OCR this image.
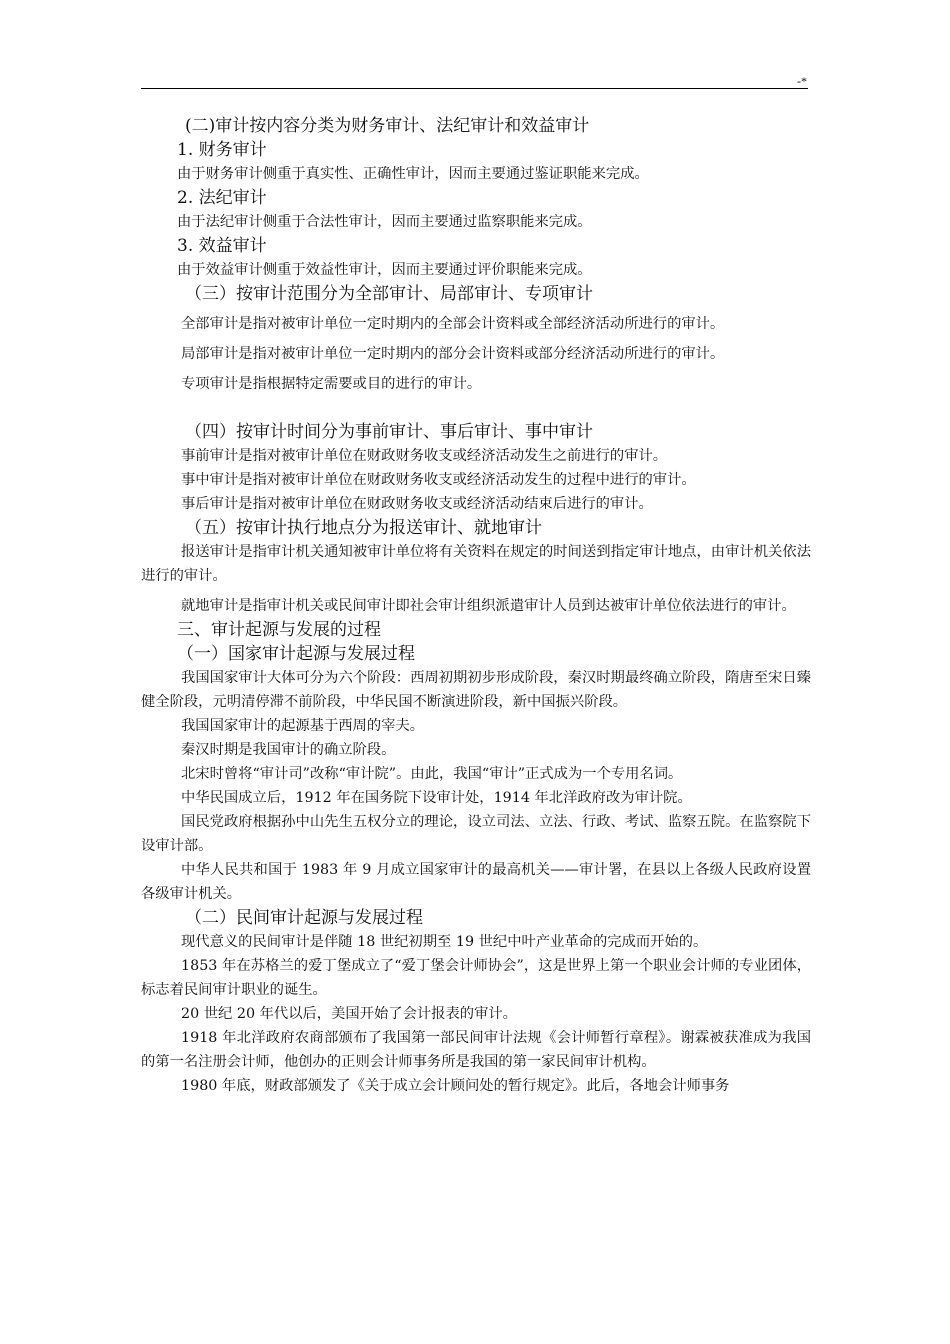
-*
(二)审计按内容分类为财务审计、法纪审计和效益审计
1. 财务审计
由于财务审计侧重于真实性、正确性审计，因而主要通过鉴证职能来完成。
2. 法纪审计
由于法纪审计侧重于合法性审计，因而主要通过监察职能来完成。
3. 效益审计
由于效益审计侧重于效益性审计，因而主要通过评价职能来完成。
（三）按审计范围分为全部审计、局部审计、专项审计
全部审计是指对被审计单位一定时期内的全部会计资料或全部经济活动所进行的审计。
局部审计是指对被审计单位一定时期内的部分会计资料或部分经济活动所进行的审计。
专项审计是指根据特定需要或目的进行的审计。
（四）按审计时间分为事前审计、事后审计、事中审计
事前审计是指对被审计单位在财政财务收支或经济活动发生之前进行的审计。
事中审计是指对被审计单位在财政财务收支或经济活动发生的过程中进行的审计。
事后审计是指对被审计单位在财政财务收支或经济活动结束后进行的审计。
（五）按审计执行地点分为报送审计、就地审计
报送审计是指审计机关通知被审计单位将有关资料在规定的时间送到指定审计地点，由审计机关依法进行的审计。
就地审计是指审计机关或民间审计即社会审计组织派遣审计人员到达被审计单位依法进行的审计。
三、审计起源与发展的过程
（一）国家审计起源与发展过程
我国国家审计大体可分为六个阶段：西周初期初步形成阶段，秦汉时期最终确立阶段，隋唐至宋日臻健全阶段，元明清停滞不前阶段，中华民国不断演进阶段，新中国振兴阶段。
我国国家审计的起源基于西周的宰夫。
秦汉时期是我国审计的确立阶段。
北宋时曾将“审计司”改称“审计院”。由此，我国“审计”正式成为一个专用名词。
中华民国成立后，1912 年在国务院下设审计处，1914 年北洋政府改为审计院。
国民党政府根据孙中山先生五权分立的理论，设立司法、立法、行政、考试、监察五院。在监察院下设审计部。
中华人民共和国于 1983 年 9 月成立国家审计的最高机关——审计署，在县以上各级人民政府设置各级审计机关。
（二）民间审计起源与发展过程
现代意义的民间审计是伴随 18 世纪初期至 19 世纪中叶产业革命的完成而开始的。
1853 年在苏格兰的爱丁堡成立了“爱丁堡会计师协会”，这是世界上第一个职业会计师的专业团体，标志着民间审计职业的诞生。
20 世纪 20 年代以后，美国开始了会计报表的审计。
1918 年北洋政府农商部颁布了我国第一部民间审计法规《会计师暂行章程》。谢霖被获准成为我国的第一名注册会计师，他创办的正则会计师事务所是我国的第一家民间审计机构。
1980 年底，财政部颁发了《关于成立会计顾问处的暂行规定》。此后，各地会计师事务
